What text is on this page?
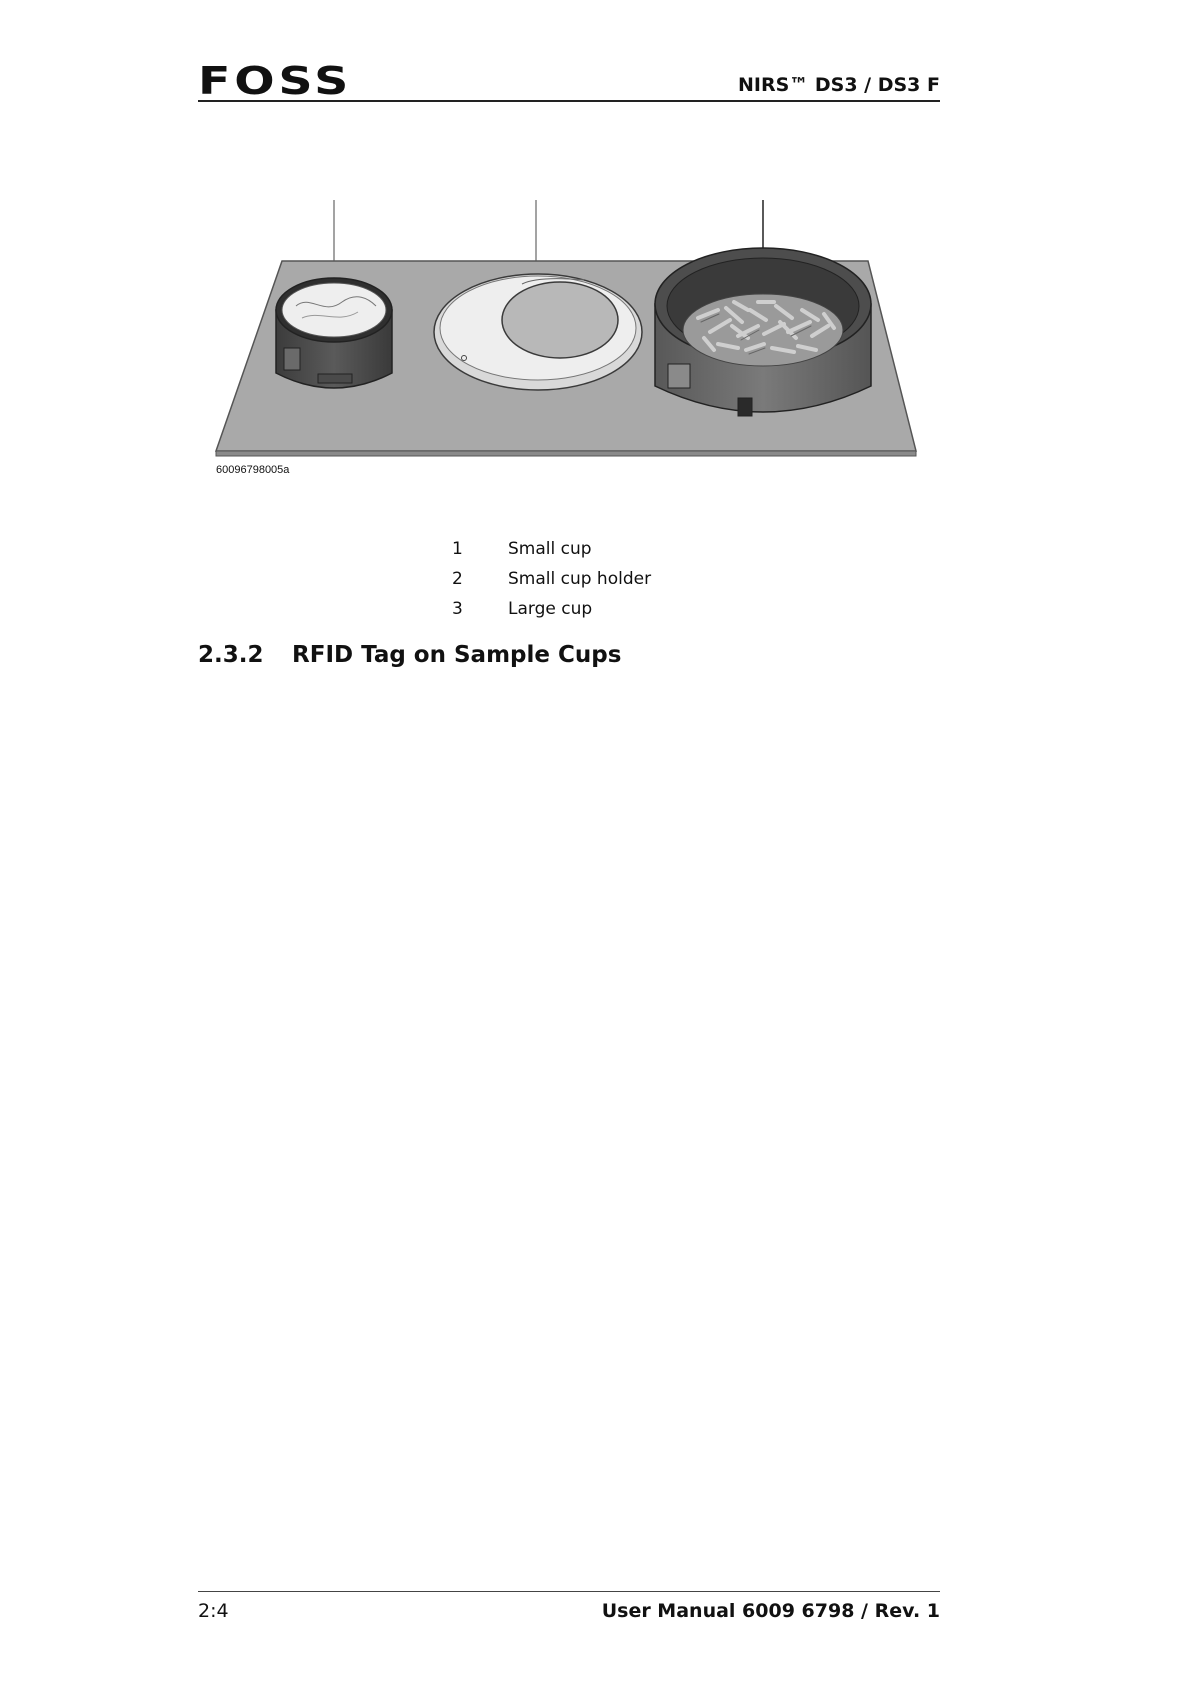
FOSS	NIRS™ DS3 / DS3 F
60096798005a
1	Small cup
2	Small cup holder
3	Large cup
2.3.2 RFID Tag on Sample Cups
2:4	User Manual 6009 6798 / Rev. 1
